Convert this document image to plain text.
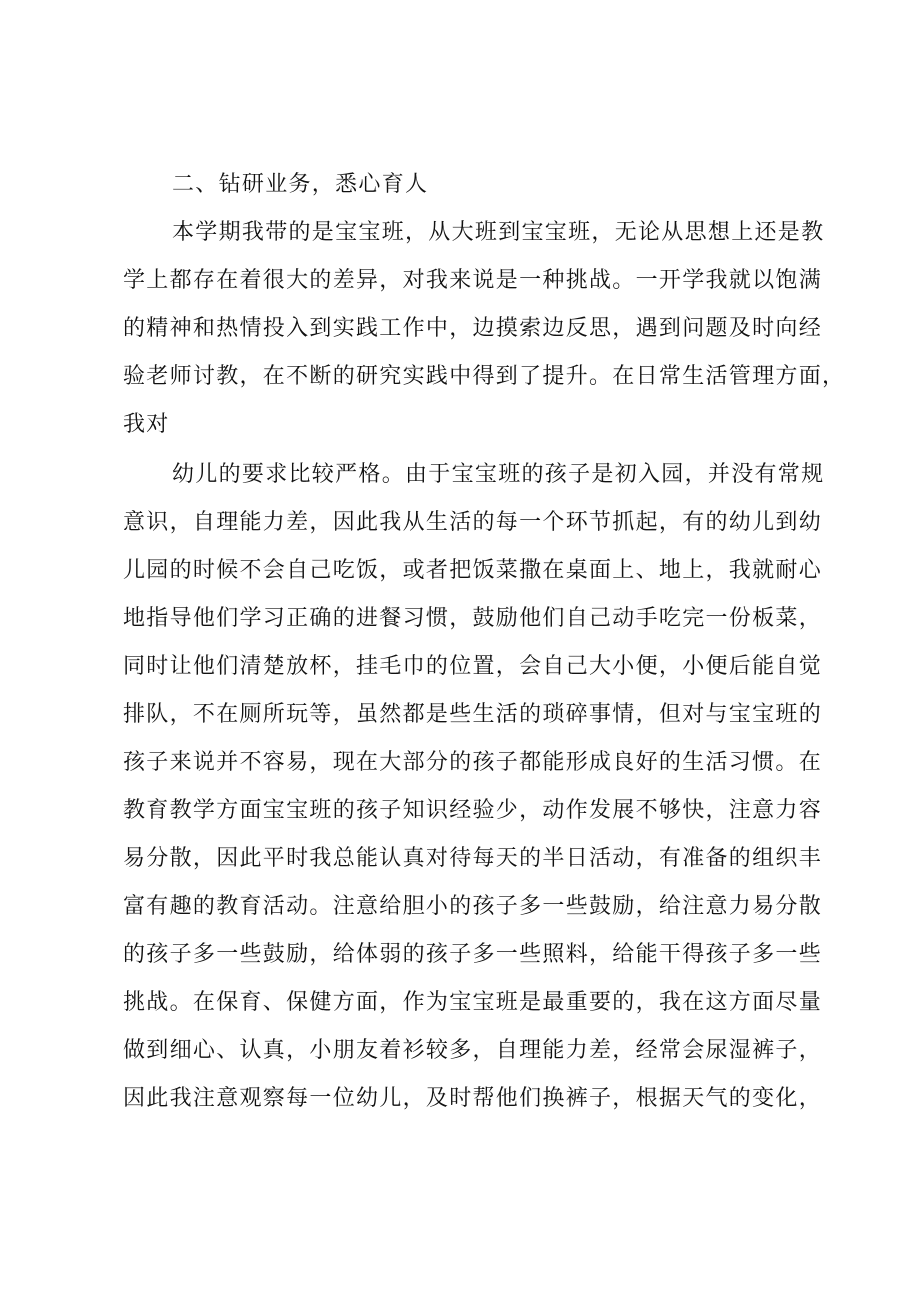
二、钻研业务，悉心育人
本学期我带的是宝宝班，从大班到宝宝班，无论从思想上还是教
学上都存在着很大的差异，对我来说是一种挑战。一开学我就以饱满
的精神和热情投入到实践工作中，边摸索边反思，遇到问题及时向经
验老师讨教，在不断的研究实践中得到了提升。在日常生活管理方面，
我对
幼儿的要求比较严格。由于宝宝班的孩子是初入园，并没有常规
意识，自理能力差，因此我从生活的每一个环节抓起，有的幼儿到幼
儿园的时候不会自己吃饭，或者把饭菜撒在桌面上、地上，我就耐心
地指导他们学习正确的进餐习惯，鼓励他们自己动手吃完一份板菜，
同时让他们清楚放杯，挂毛巾的位置，会自己大小便，小便后能自觉
排队，不在厕所玩等，虽然都是些生活的琐碎事情，但对与宝宝班的
孩子来说并不容易，现在大部分的孩子都能形成良好的生活习惯。在
教育教学方面宝宝班的孩子知识经验少，动作发展不够快，注意力容
易分散，因此平时我总能认真对待每天的半日活动，有准备的组织丰
富有趣的教育活动。注意给胆小的孩子多一些鼓励，给注意力易分散
的孩子多一些鼓励，给体弱的孩子多一些照料，给能干得孩子多一些
挑战。在保育、保健方面，作为宝宝班是最重要的，我在这方面尽量
做到细心、认真，小朋友着衫较多，自理能力差，经常会尿湿裤子，
因此我注意观察每一位幼儿，及时帮他们换裤子，根据天气的变化，
